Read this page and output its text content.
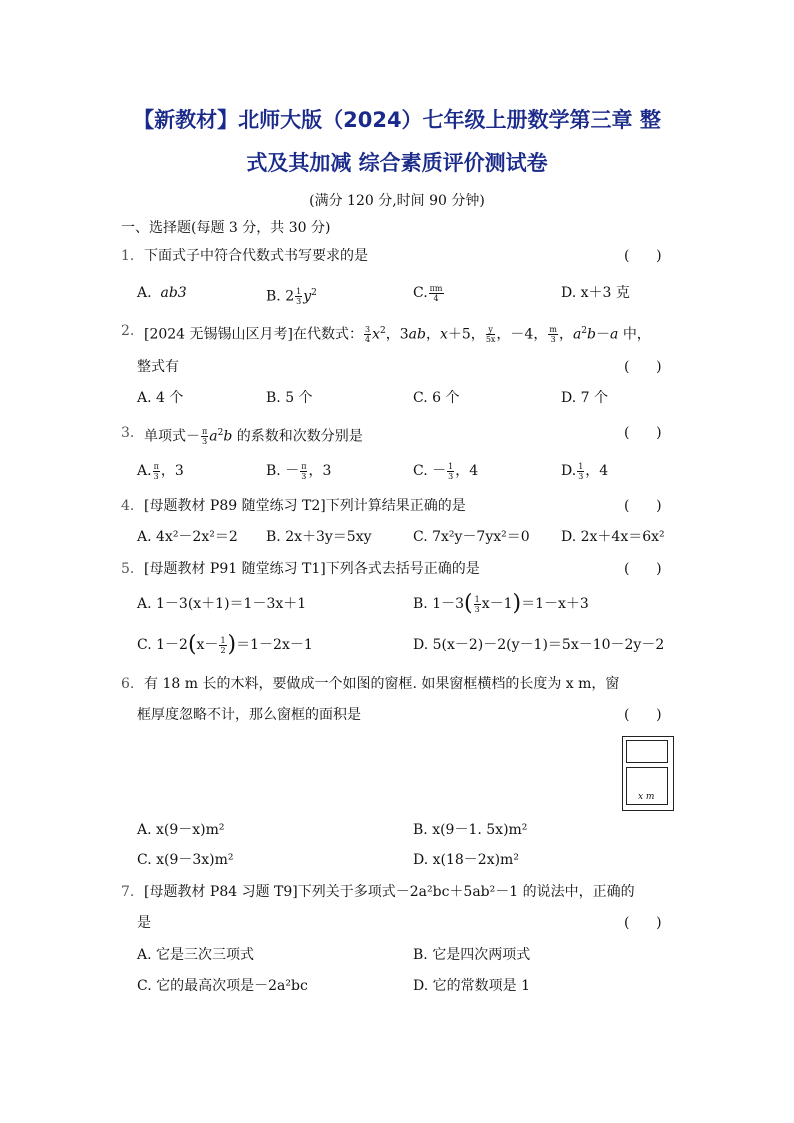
【新教材】北师大版（2024）七年级上册数学第三章 整
式及其加减 综合素质评价测试卷
(满分 120 分,时间 90 分钟)
一、选择题(每题 3 分，共 30 分)
1. 下面式子中符合代数式书写要求的是	(      )
A. ab3	B. $2 \frac{1}{3} y^2$	C. $\frac{\pi m}{4}$	D. x＋3 克
2. [2024 无锡锡山区月考]在代数式： $\frac{3}{4} x^2$，3ab，x＋5， $\frac{y}{5x}$ ，－4， $\frac{m}{3}$ ，$a^2b-a$ 中，
整式有	(      )
A. 4 个	B. 5 个	C. 6 个	D. 7 个
3. 单项式－ $\frac{\pi}{3} a^2b$ 的系数和次数分别是	(      )
A. $\frac{\pi}{3}$ ，3	B. － $\frac{\pi}{3}$ ，3	C. － $\frac{1}{3}$ ，4	D. $\frac{1}{3}$ ，4
4. [母题教材 P89 随堂练习 T2]下列计算结果正确的是	(      )
A. 4x²－2x²＝2 B. 2x＋3y＝5xy	C. 7x²y－7yx²＝0 D. 2x＋4x＝6x²
5. [母题教材 P91 随堂练习 T1]下列各式去括号正确的是	(      )
A. 1－3(x＋1)＝1－3x＋1	B. $1-3( \frac{1}{3} x-1)=1-x+3$
C. $1-2(x- \frac{1}{2} )=1-2x-1$	D. 5(x－2)－2(y－1)＝5x－10－2y－2
6. 有 18 m 长的木料，要做成一个如图的窗框. 如果窗框横档的长度为 x m，窗
框厚度忽略不计，那么窗框的面积是	(      )
x m
A. x(9－x)m²	B. x(9－1. 5x)m²
C. x(9－3x)m²	D. x(18－2x)m²
7. [母题教材 P84 习题 T9]下列关于多项式－2a²bc＋5ab²－1 的说法中，正确的
是	(      )
A. 它是三次三项式	B. 它是四次两项式
C. 它的最高次项是－2a²bc	D. 它的常数项是 1
